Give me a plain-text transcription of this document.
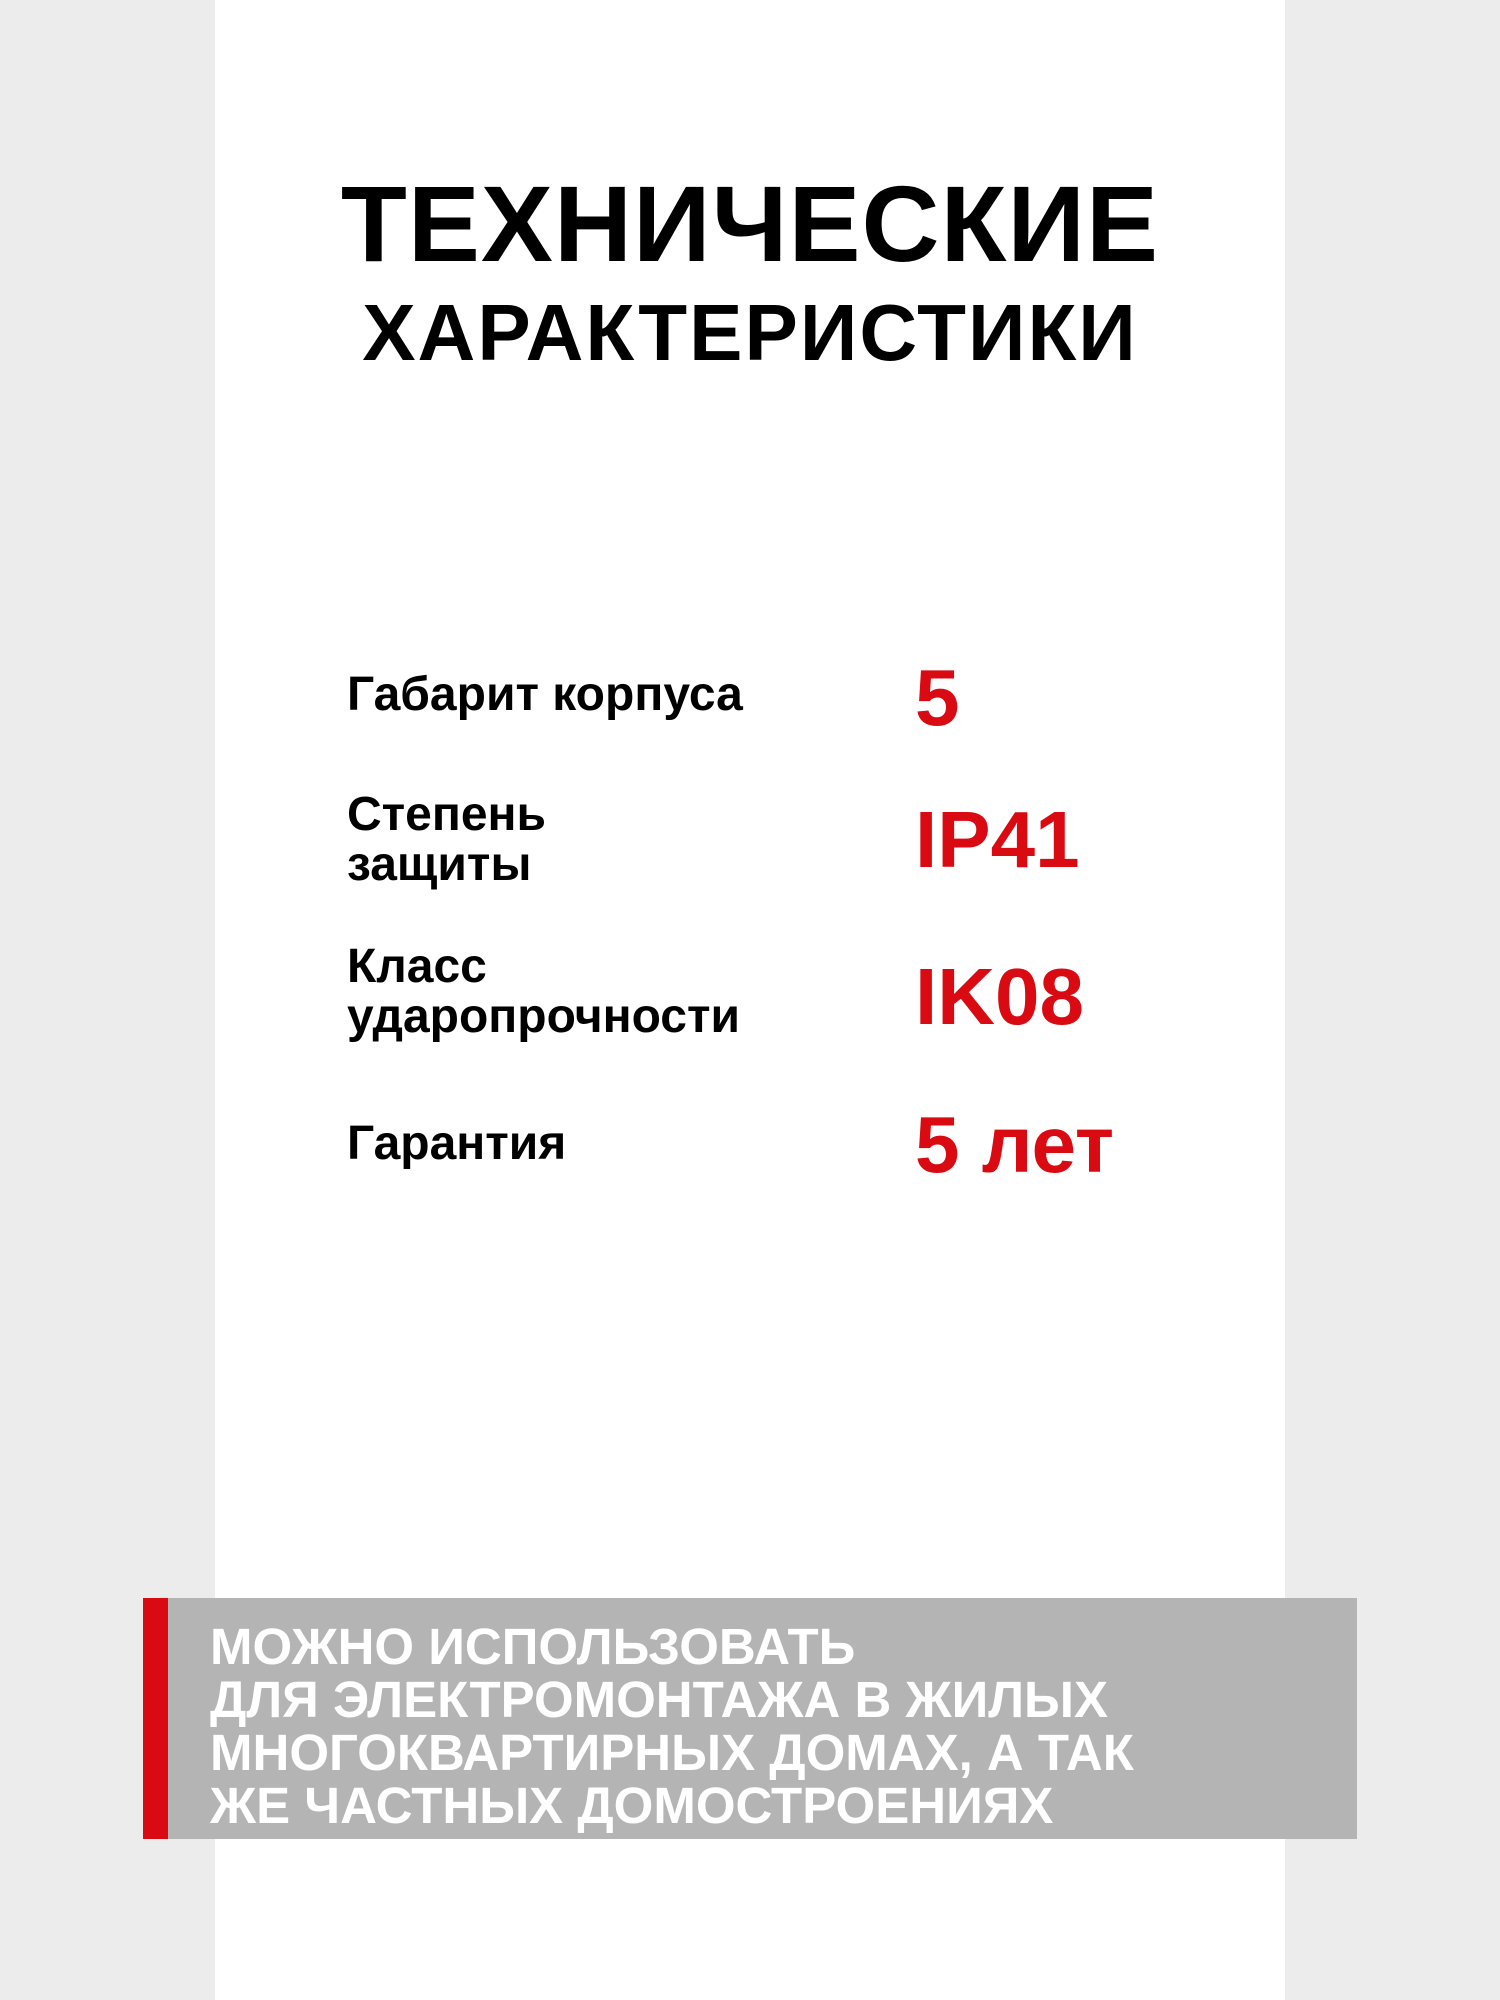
ТЕХНИЧЕСКИЕ
ХАРАКТЕРИСТИКИ
Габарит корпуса	5
Степень
защиты	IP41
Класс
ударопрочности	IK08
Гарантия	5 лет
МОЖНО ИСПОЛЬЗОВАТЬ
ДЛЯ ЭЛЕКТРОМОНТАЖА В ЖИЛЫХ
МНОГОКВАРТИРНЫХ ДОМАХ, А ТАК
ЖЕ ЧАСТНЫХ ДОМОСТРОЕНИЯХ
